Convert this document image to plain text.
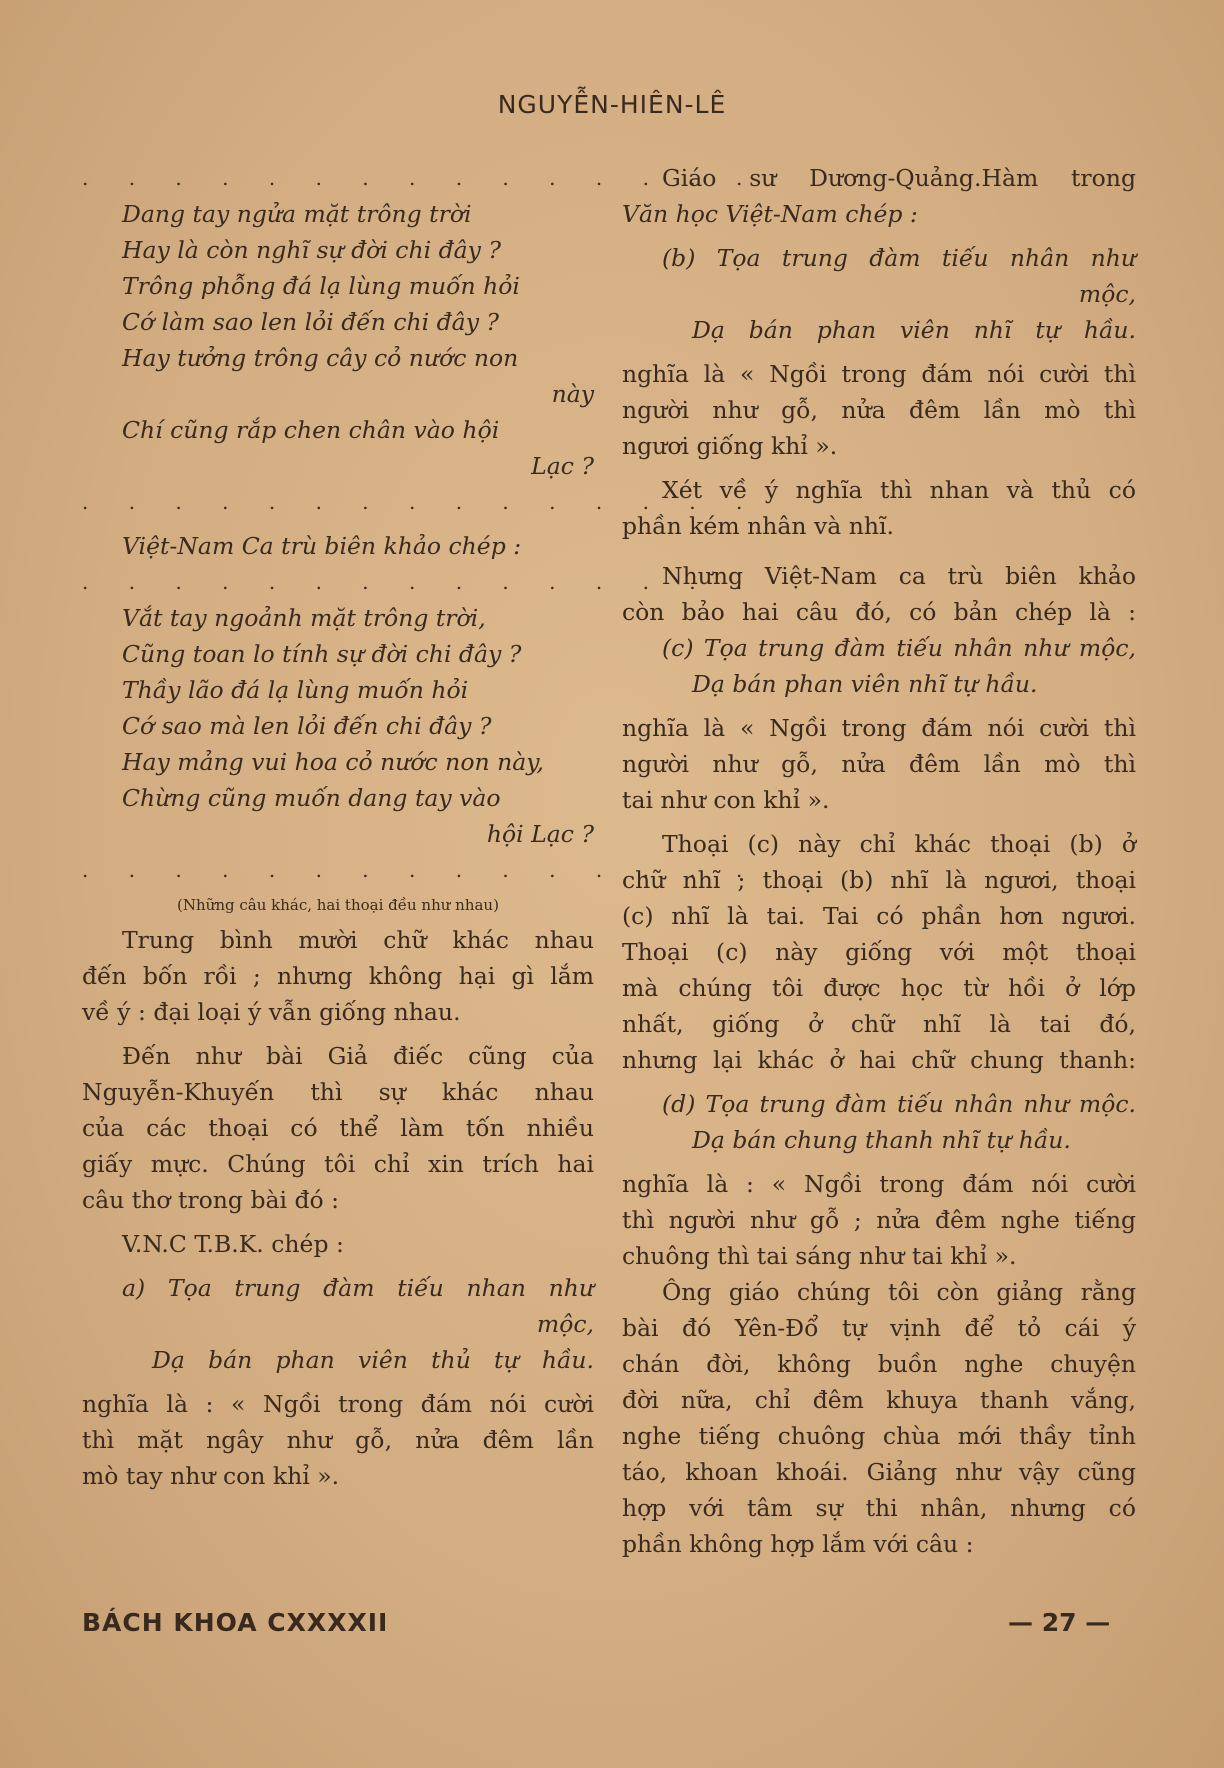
NGUYỄN-HIÊN-LÊ
. . . . . . . . . . . . . . .
Dang tay ngửa mặt trông trời
Hay là còn nghĩ sự đời chi đây ?
Trông phỗng đá lạ lùng muốn hỏi
Cớ làm sao len lỏi đến chi đây ?
Hay tưởng trông cây cỏ nước non
này
Chí cũng rắp chen chân vào hội
Lạc ?
. . . . . . . . . . . . . . .
Việt-Nam Ca trù biên khảo chép :
. . . . . . . . . . . . . . .
Vắt tay ngoảnh mặt trông trời,
Cũng toan lo tính sự đời chi đây ?
Thầy lão đá lạ lùng muốn hỏi
Cớ sao mà len lỏi đến chi đây ?
Hay mảng vui hoa cỏ nước non này,
Chừng cũng muốn dang tay vào
hội Lạc ?
. . . . . . . . . . . . . . .
(Những câu khác, hai thoại đều như nhau)
Trung bình mười chữ khác nhau
đến bốn rồi ; nhưng không hại gì lắm
về ý : đại loại ý vẫn giống nhau.
Đến như bài Giả điếc cũng của
Nguyễn-Khuyến thì sự khác nhau
của các thoại có thể làm tốn nhiều
giấy mực. Chúng tôi chỉ xin trích hai
câu thơ trong bài đó :
V.N.C T.B.K. chép :
a) Tọa trung đàm tiếu nhan như
mộc,
Dạ bán phan viên thủ tự hầu.
nghĩa là : « Ngồi trong đám nói cười
thì mặt ngây như gỗ, nửa đêm lần
mò tay như con khỉ ».
Giáo sư Dương-Quảng.Hàm trong
Văn học Việt-Nam chép :
(b) Tọa trung đàm tiếu nhân như
mộc,
Dạ bán phan viên nhĩ tự hầu.
nghĩa là « Ngồi trong đám nói cười thì
người như gỗ, nửa đêm lần mò thì
ngươi giống khỉ ».
Xét về ý nghĩa thì nhan và thủ có
phần kém nhân và nhĩ.
Nhưng Việt-Nam ca trù biên khảo
còn bảo hai câu đó, có bản chép là :
(c) Tọa trung đàm tiếu nhân như mộc,
Dạ bán phan viên nhĩ tự hầu.
nghĩa là « Ngồi trong đám nói cười thì
người như gỗ, nửa đêm lần mò thì
tai như con khỉ ».
Thoại (c) này chỉ khác thoại (b) ở
chữ nhĩ ; thoại (b) nhĩ là ngươi, thoại
(c) nhĩ là tai. Tai có phần hơn ngươi.
Thoại (c) này giống với một thoại
mà chúng tôi được học từ hồi ở lớp
nhất, giống ở chữ nhĩ là tai đó,
nhưng lại khác ở hai chữ chung thanh:
(d) Tọa trung đàm tiếu nhân như mộc.
Dạ bán chung thanh nhĩ tự hầu.
nghĩa là : « Ngồi trong đám nói cười
thì người như gỗ ; nửa đêm nghe tiếng
chuông thì tai sáng như tai khỉ ».
Ông giáo chúng tôi còn giảng rằng
bài đó Yên-Đổ tự vịnh để tỏ cái ý
chán đời, không buồn nghe chuyện
đời nữa, chỉ đêm khuya thanh vắng,
nghe tiếng chuông chùa mới thầy tỉnh
táo, khoan khoái. Giảng như vậy cũng
hợp với tâm sự thi nhân, nhưng có
phần không hợp lắm với câu :
BÁCH KHOA CXXXXII	— 27 —
